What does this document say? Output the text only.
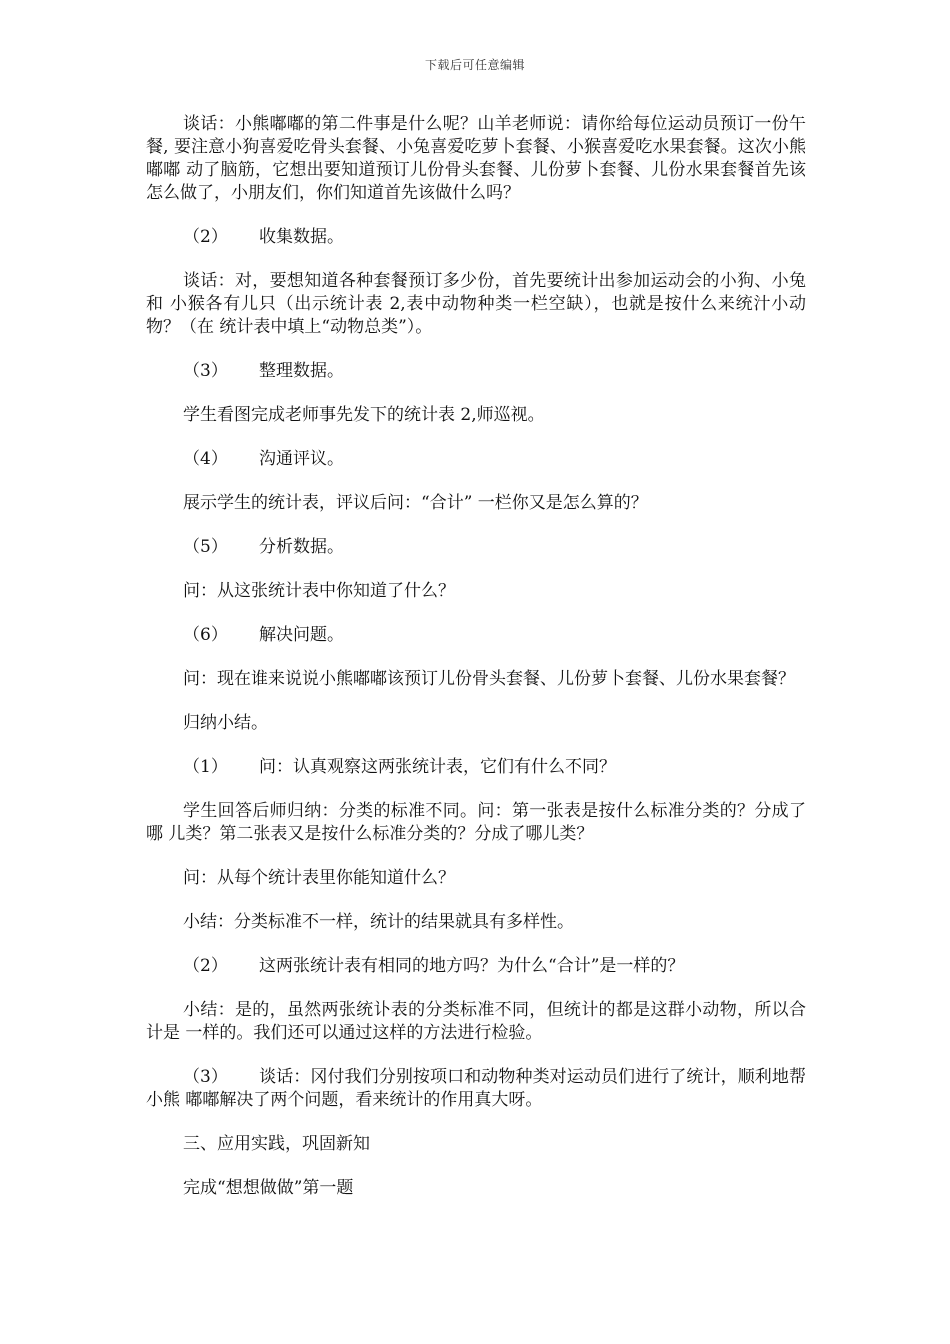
下载后可任意编辑

谈话：小熊嘟嘟的第二件事是什么呢？山羊老师说：请你给每位运动员预订一份午餐, 要注意小狗喜爱吃骨头套餐、小兔喜爱吃萝卜套餐、小猴喜爱吃水果套餐。这次小熊嘟嘟 动了脑筋，它想出要知道预订儿份骨头套餐、儿份萝卜套餐、儿份水果套餐首先该怎么做了，小朋友们，你们知道首先该做什么吗？

（2） 收集数据。

谈话：对，要想知道各种套餐预订多少份，首先要统计出参加运动会的小狗、小兔和 小猴各有儿只（出示统计表 2,表中动物种类一栏空缺），也就是按什么来统汁小动物？（在 统计表中填上“动物总类”）。

（3） 整理数据。

学生看图完成老师事先发下的统计表 2,师巡视。

（4） 沟通评议。

展示学生的统计表，评议后问：“合计” 一栏你又是怎么算的？

（5） 分析数据。

问：从这张统计表中你知道了什么？

（6） 解决问题。

问：现在谁来说说小熊嘟嘟该预订儿份骨头套餐、儿份萝卜套餐、儿份水果套餐？

归纳小结。

（1） 问：认真观察这两张统计表，它们有什么不同？

学生回答后师归纳：分类的标准不同。问：第一张表是按什么标准分类的？分成了哪 儿类？第二张表又是按什么标准分类的？分成了哪儿类？

问：从每个统计表里你能知道什么？

小结：分类标准不一样，统计的结果就具有多样性。

（2） 这两张统计表有相同的地方吗？为什么“合计”是一样的？

小结：是的，虽然两张统讣表的分类标准不同，但统计的都是这群小动物，所以合计是 一样的。我们还可以通过这样的方法进行检验。

（3） 谈话：冈付我们分别按项口和动物种类对运动员们进行了统计，顺利地帮小熊 嘟嘟解决了两个问题，看来统计的作用真大呀。

三、应用实践，巩固新知

完成“想想做做”第一题
